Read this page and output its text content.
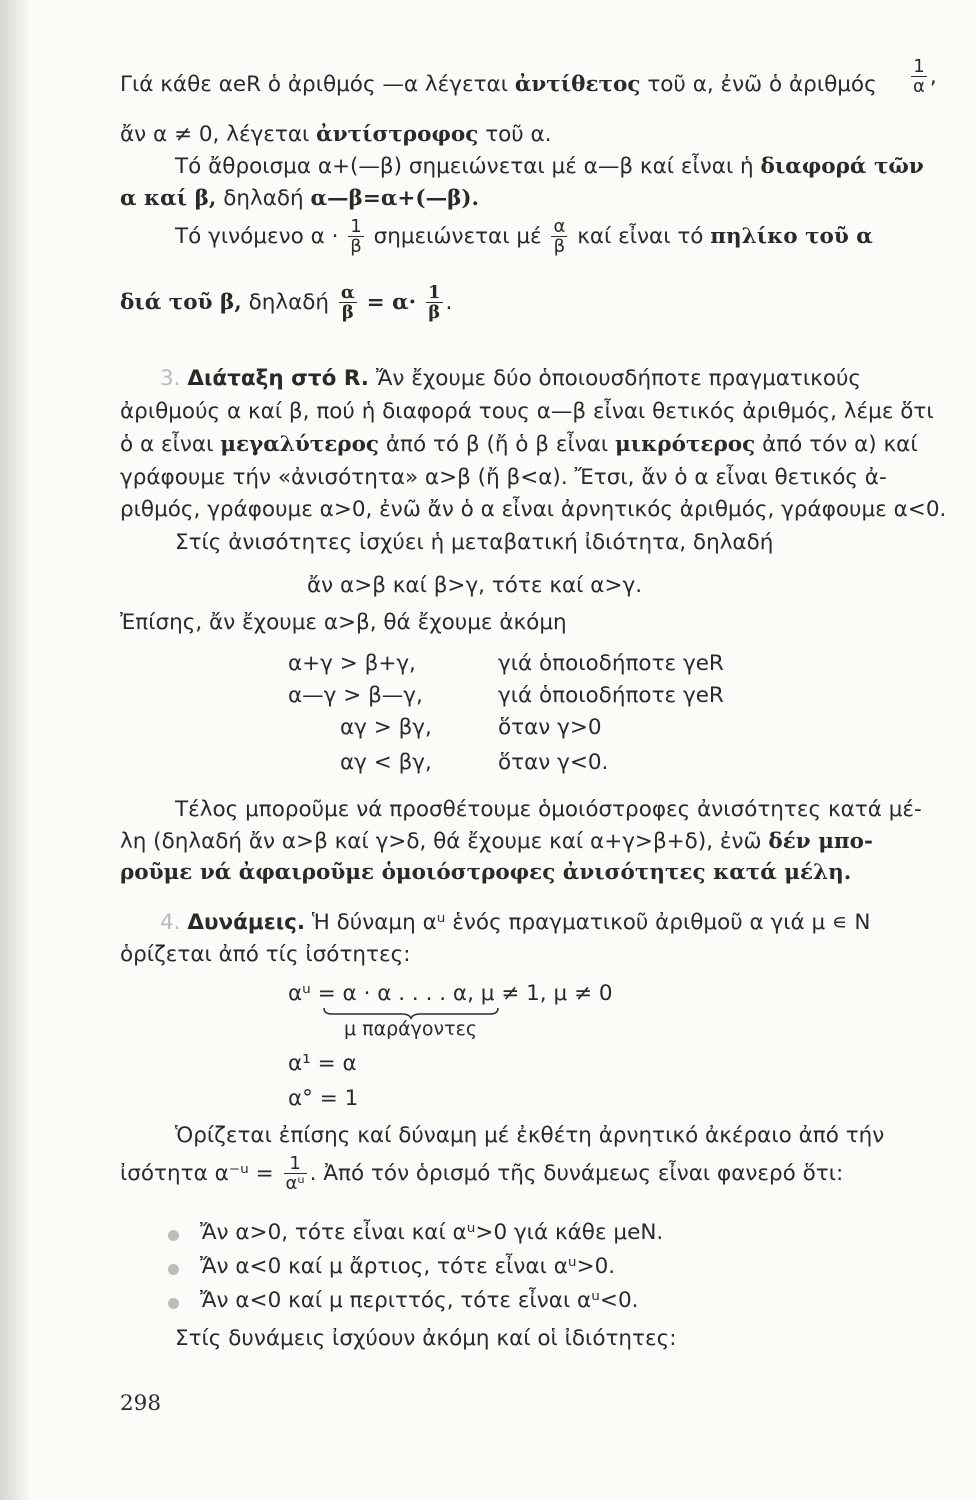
Γιά κάθε αeR ὁ ἀριθμός —α λέγεται ἀντίθετος τοῦ α, ἐνῶ ὁ ἀριθμός $\frac{1}{\alpha}$ ,
ἄν α ≠ 0, λέγεται ἀντίστροφος τοῦ α.
Τό ἄθροισμα α+(—β) σημειώνεται μέ α—β καί εἶναι ἡ διαφορά τῶν
α καί β, δηλαδή α—β=α+(—β).
Τό γινόμενο $\alpha \cdot \frac{1}{\beta}$ σημειώνεται μέ $\frac{\alpha}{\beta}$ καί εἶναι τό πηλίκο τοῦ α
διά τοῦ β, δηλαδή $\frac{\alpha}{\beta} = \alpha\cdot \frac{1}{\beta}$ .
3. Διάταξη στό R. Ἄν ἔχουμε δύο ὁποιουσδήποτε πραγματικούς
ἀριθμούς α καί β, πού ἡ διαφορά τους α—β εἶναι θετικός ἀριθμός, λέμε ὅτι
ὁ α εἶναι μεγαλύτερος ἀπό τό β (ἤ ὁ β εἶναι μικρότερος ἀπό τόν α) καί
γράφουμε τήν «ἀνισότητα» α>β (ἤ β<α). Ἔτσι, ἄν ὁ α εἶναι θετικός ἀ-
ριθμός, γράφουμε α>0, ἐνῶ ἄν ὁ α εἶναι ἀρνητικός ἀριθμός, γράφουμε α<0.
Στίς ἀνισότητες ἰσχύει ἡ μεταβατική ἰδιότητα, δηλαδή
ἄν α>β καί β>γ, τότε καί α>γ.
Ἐπίσης, ἄν ἔχουμε α>β, θά ἔχουμε ἀκόμη
α+γ > β+γ,	γιά ὁποιοδήποτε γeR
α—γ > β—γ,	γιά ὁποιοδήποτε γeR
αγ > βγ,	ὅταν γ>0
αγ < βγ,	ὅταν γ<0.
Τέλος μποροῦμε νά προσθέτουμε ὁμοιόστροφες ἀνισότητες κατά μέ-
λη (δηλαδή ἄν α>β καί γ>δ, θά ἔχουμε καί α+γ>β+δ), ἐνῶ δέν μπο-
ροῦμε νά ἀφαιροῦμε ὁμοιόστροφες ἀνισότητες κατά μέλη.
4. Δυνάμεις. Ἡ δύναμη αᵘ ἑνός πραγματικοῦ ἀριθμοῦ α γιά μ ∊ N
ὁρίζεται ἀπό τίς ἰσότητες:
αᵘ = α · α . . . . α, μ ≠ 1, μ ≠ 0
μ παράγοντες
α¹ = α
α° = 1
Ὁρίζεται ἐπίσης καί δύναμη μέ ἐκθέτη ἀρνητικό ἀκέραιο ἀπό τήν
ἰσότητα α⁻ᵘ = $\frac{1}{\text{αᵘ}}$ . Ἀπό τόν ὁρισμό τῆς δυνάμεως εἶναι φανερό ὅτι:
Ἄν α>0, τότε εἶναι καί αᵘ>0 γιά κάθε μeN.
Ἄν α<0 καί μ ἄρτιος, τότε εἶναι αᵘ>0.
Ἄν α<0 καί μ περιττός, τότε εἶναι αᵘ<0.
Στίς δυνάμεις ἰσχύουν ἀκόμη καί οἱ ἰδιότητες:
298
